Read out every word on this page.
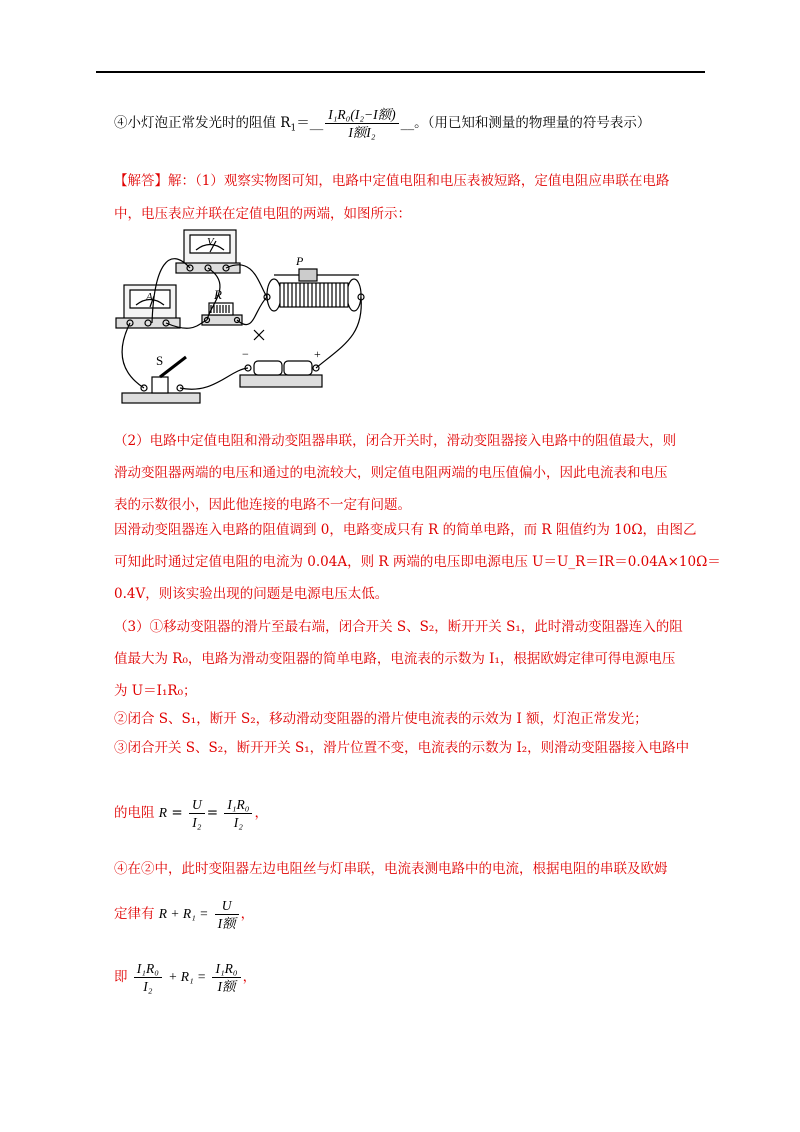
④小灯泡正常发光时的阻值 $R_1=\_\_ \frac{\text{I₁R₀(I₂−I额)}}{\text{I额I₂}}$ __。（用已知和测量的物理量的符号表示）
【解答】解：（1）观察实物图可知，电路中定值电阻和电压表被短路，定值电阻应串联在电路
中，电压表应并联在定值电阻的两端，如图所示：
V
A	R
P
S	−	+
（2）电路中定值电阻和滑动变阻器串联，闭合开关时，滑动变阻器接入电路中的阻值最大，则
滑动变阻器两端的电压和通过的电流较大，则定值电阻两端的电压值偏小，因此电流表和电压
表的示数很小，因此他连接的电路不一定有问题。
因滑动变阻器连入电路的阻值调到 0，电路变成只有 R 的简单电路，而 R 阻值约为 10Ω，由图乙
可知此时通过定值电阻的电流为 0.04A，则 R 两端的电压即电源电压 U＝U_R＝IR＝0.04A×10Ω＝
0.4V，则该实验出现的问题是电源电压太低。
（3）①移动变阻器的滑片至最右端，闭合开关 S、S₂，断开开关 S₁，此时滑动变阻器连入的阻
值最大为 R₀，电路为滑动变阻器的简单电路，电流表的示数为 I₁，根据欧姆定律可得电源电压
为 U＝I₁R₀；
②闭合 S、S₁，断开 S₂，移动滑动变阻器的滑片使电流表的示效为 I 额，灯泡正常发光；
③闭合开关 S、S₂，断开开关 S₁，滑片位置不变，电流表的示数为 I₂，则滑动变阻器接入电路中
的电阻 $R = \frac{U}{\text{I₂}} = \frac{\text{I₁R₀}}{\text{I₂}}$ ，
④在②中，此时变阻器左边电阻丝与灯串联，电流表测电路中的电流，根据电阻的串联及欧姆
定律有 $R + R_1 = \frac{U}{\text{I额}}$ ，
即 $\frac{\text{I₁R₀}}{\text{I₂}} + R_1 = \frac{\text{I₁R₀}}{\text{I额}}$ ，
